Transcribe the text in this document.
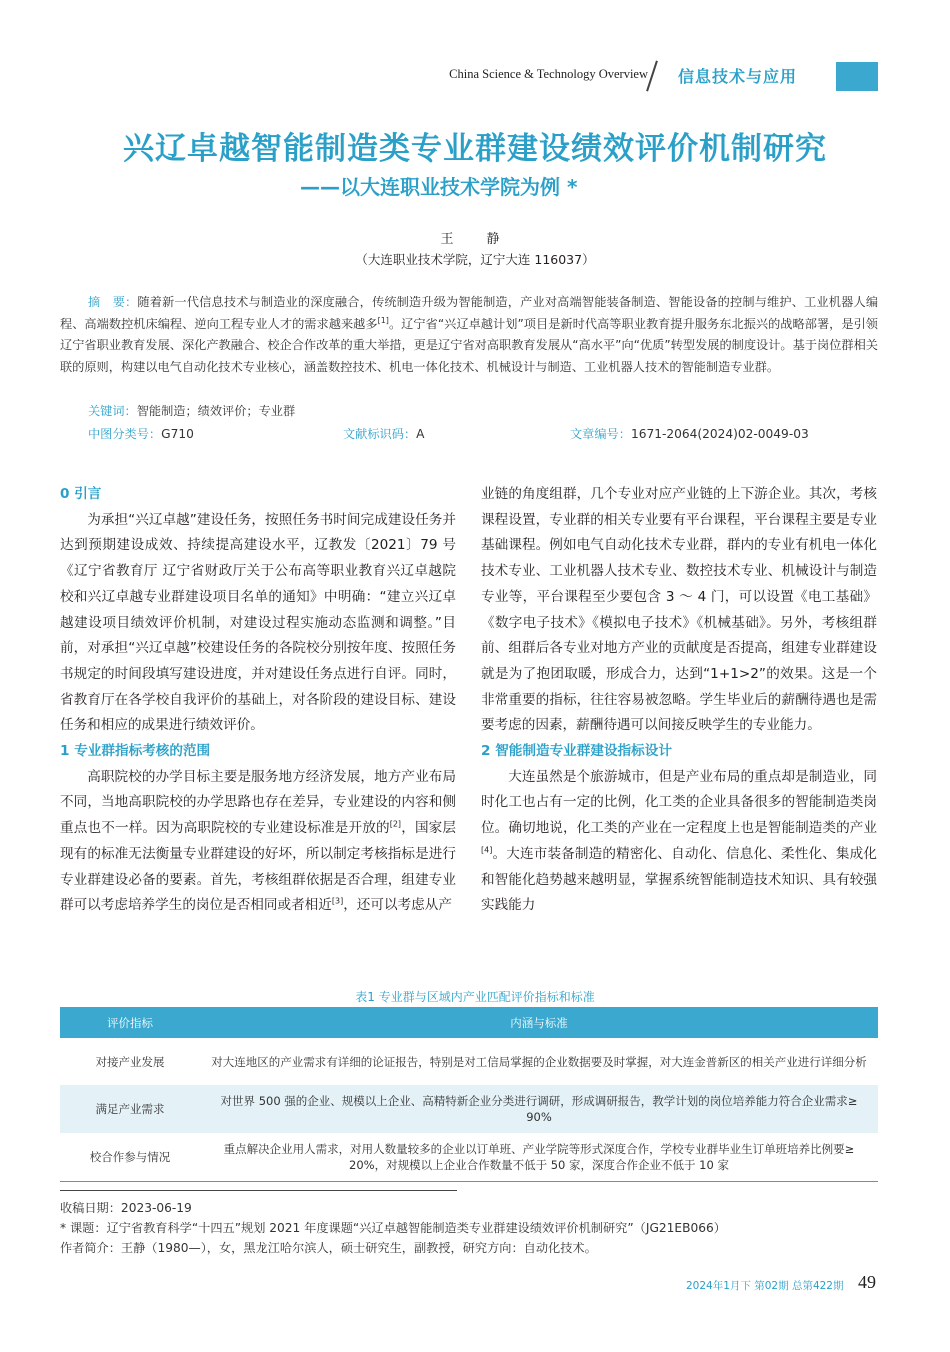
China Science & Technology Overview 信息技术与应用
兴辽卓越智能制造类专业群建设绩效评价机制研究
——以大连职业技术学院为例 *
王　静
（大连职业技术学院，辽宁大连 116037）
摘　要：随着新一代信息技术与制造业的深度融合，传统制造升级为智能制造，产业对高端智能装备制造、智能设备的控制与维护、工业机器人编程、高端数控机床编程、逆向工程专业人才的需求越来越多[1]。辽宁省“兴辽卓越计划”项目是新时代高等职业教育提升服务东北振兴的战略部署，是引领辽宁省职业教育发展、深化产教融合、校企合作改革的重大举措，更是辽宁省对高职教育发展从“高水平”向“优质”转型发展的制度设计。基于岗位群相关联的原则，构建以电气自动化技术专业核心，涵盖数控技术、机电一体化技术、机械设计与制造、工业机器人技术的智能制造专业群。
关键词：智能制造；绩效评价；专业群
中图分类号：G710	文献标识码：A	文章编号：1671-2064(2024)02-0049-03
0 引言

为承担“兴辽卓越”建设任务，按照任务书时间完成建设任务并达到预期建设成效、持续提高建设水平，辽教发〔2021〕79 号《辽宁省教育厅 辽宁省财政厅关于公布高等职业教育兴辽卓越院校和兴辽卓越专业群建设项目名单的通知》中明确：“建立兴辽卓越建设项目绩效评价机制，对建设过程实施动态监测和调整。”目前，对承担“兴辽卓越”校建设任务的各院校分别按年度、按照任务书规定的时间段填写建设进度，并对建设任务点进行自评。同时，省教育厅在各学校自我评价的基础上，对各阶段的建设目标、建设任务和相应的成果进行绩效评价。

1 专业群指标考核的范围

高职院校的办学目标主要是服务地方经济发展，地方产业布局不同，当地高职院校的办学思路也存在差异，专业建设的内容和侧重点也不一样。因为高职院校的专业建设标准是开放的[2]，国家层现有的标准无法衡量专业群建设的好坏，所以制定考核指标是进行专业群建设必备的要素。首先，考核组群依据是否合理，组建专业群可以考虑培养学生的岗位是否相同或者相近[3]，还可以考虑从产

业链的角度组群，几个专业对应产业链的上下游企业。其次，考核课程设置，专业群的相关专业要有平台课程，平台课程主要是专业基础课程。例如电气自动化技术专业群，群内的专业有机电一体化技术专业、工业机器人技术专业、数控技术专业、机械设计与制造专业等，平台课程至少要包含 3 ～ 4 门，可以设置《电工基础》《数字电子技术》《模拟电子技术》《机械基础》。另外，考核组群前、组群后各专业对地方产业的贡献度是否提高，组建专业群建设就是为了抱团取暖，形成合力，达到“1+1>2”的效果。这是一个非常重要的指标，往往容易被忽略。学生毕业后的薪酬待遇也是需要考虑的因素，薪酬待遇可以间接反映学生的专业能力。

2 智能制造专业群建设指标设计

大连虽然是个旅游城市，但是产业布局的重点却是制造业，同时化工也占有一定的比例，化工类的企业具备很多的智能制造类岗位。确切地说，化工类的产业在一定程度上也是智能制造类的产业[4]。大连市装备制造的精密化、自动化、信息化、柔性化、集成化和智能化趋势越来越明显，掌握系统智能制造技术知识、具有较强实践能力

表1 专业群与区域内产业匹配评价指标和标准
评价指标	内涵与标准
对接产业发展	对大连地区的产业需求有详细的论证报告，特别是对工信局掌握的企业数据要及时掌握，对大连金普新区的相关产业进行详细分析
满足产业需求	对世界 500 强的企业、规模以上企业、高精特新企业分类进行调研，形成调研报告，教学计划的岗位培养能力符合企业需求≥ 90%
校合作参与情况	重点解决企业用人需求，对用人数量较多的企业以订单班、产业学院等形式深度合作，学校专业群毕业生订单班培养比例要≥ 20%，对规模以上企业合作数量不低于 50 家，深度合作企业不低于 10 家
收稿日期：2023-06-19
* 课题：辽宁省教育科学“十四五”规划 2021 年度课题“兴辽卓越智能制造类专业群建设绩效评价机制研究”（JG21EB066）
作者简介：王静（1980—），女，黑龙江哈尔滨人，硕士研究生，副教授，研究方向：自动化技术。
2024年1月下 第02期 总第422期 49
